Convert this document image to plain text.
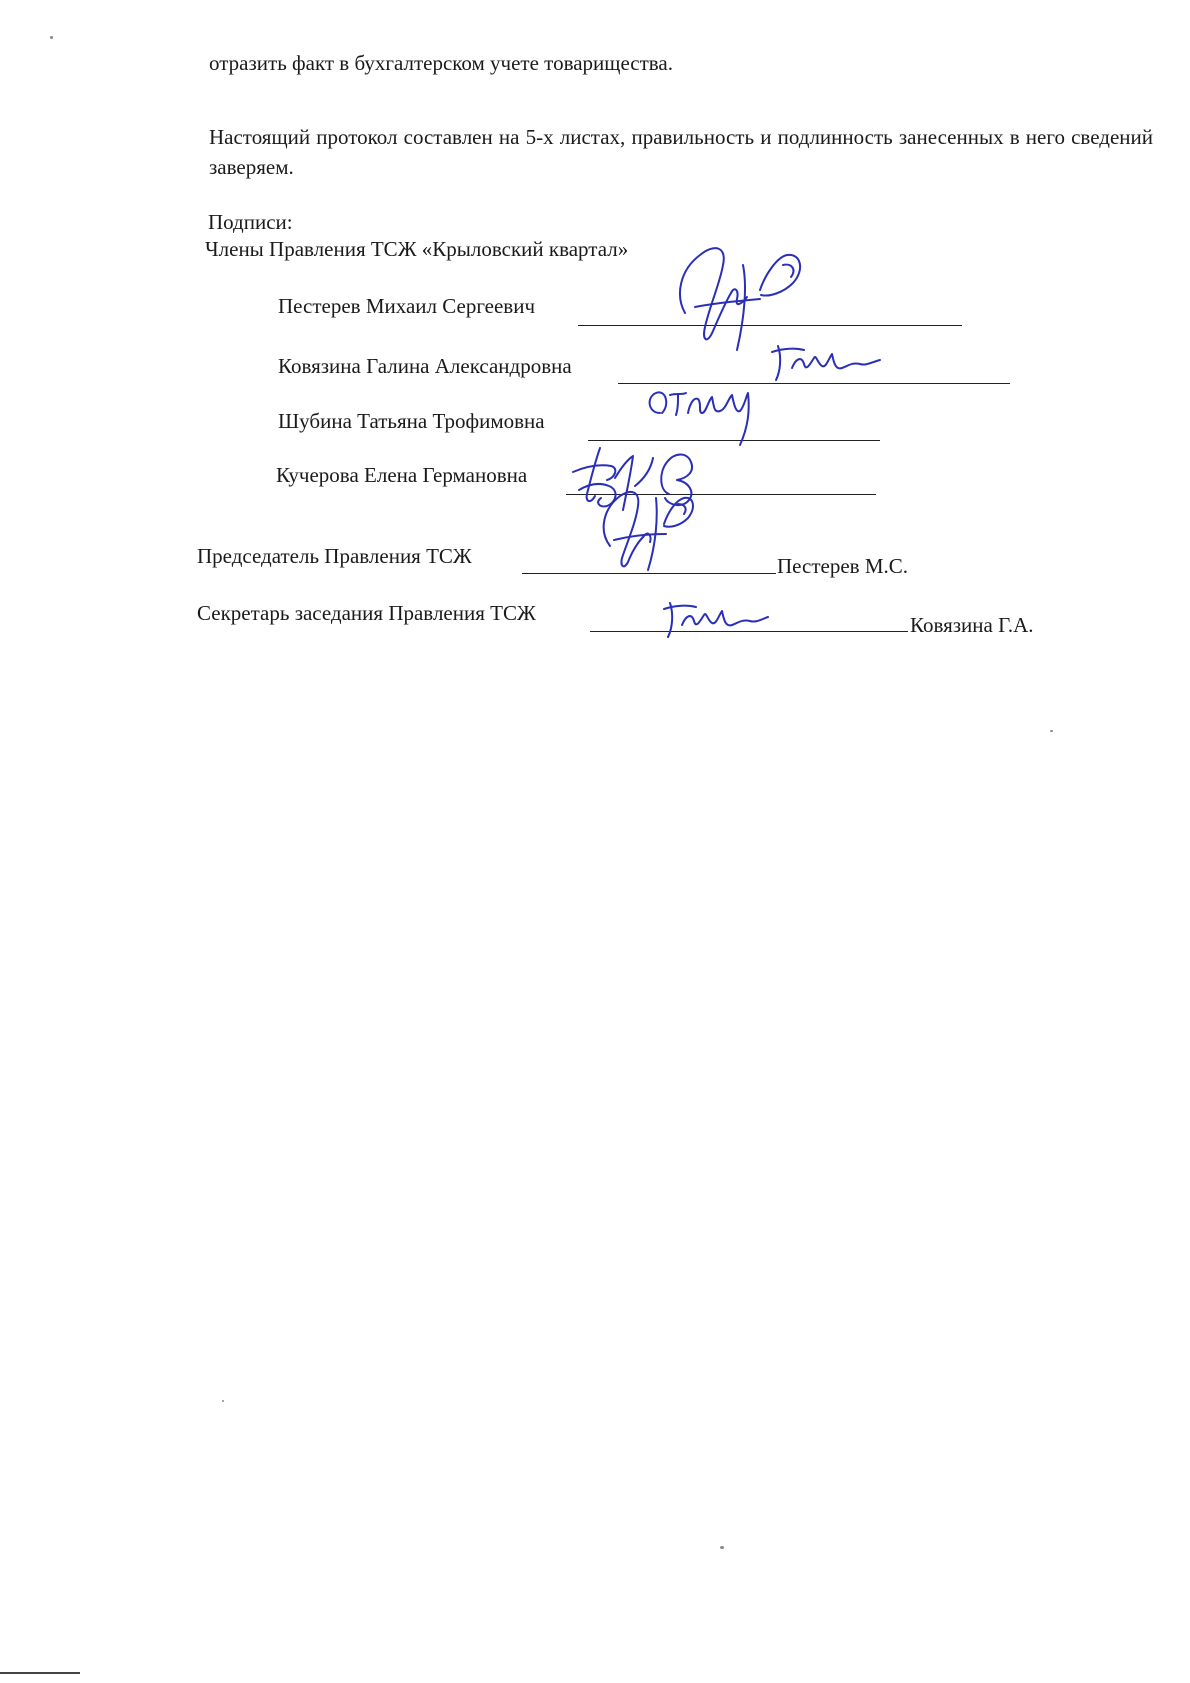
отразить факт в бухгалтерском учете товарищества.
Настоящий протокол составлен на 5-х листах, правильность и подлинность занесенных в него сведений заверяем.
Подписи:
Члены Правления ТСЖ «Крыловский квартал»
Пестерев Михаил Сергеевич
Ковязина Галина Александровна
Шубина Татьяна Трофимовна
Кучерова Елена Германовна
Председатель Правления ТСЖ	Пестерев М.С.
Секретарь заседания Правления ТСЖ	Ковязина Г.А.
